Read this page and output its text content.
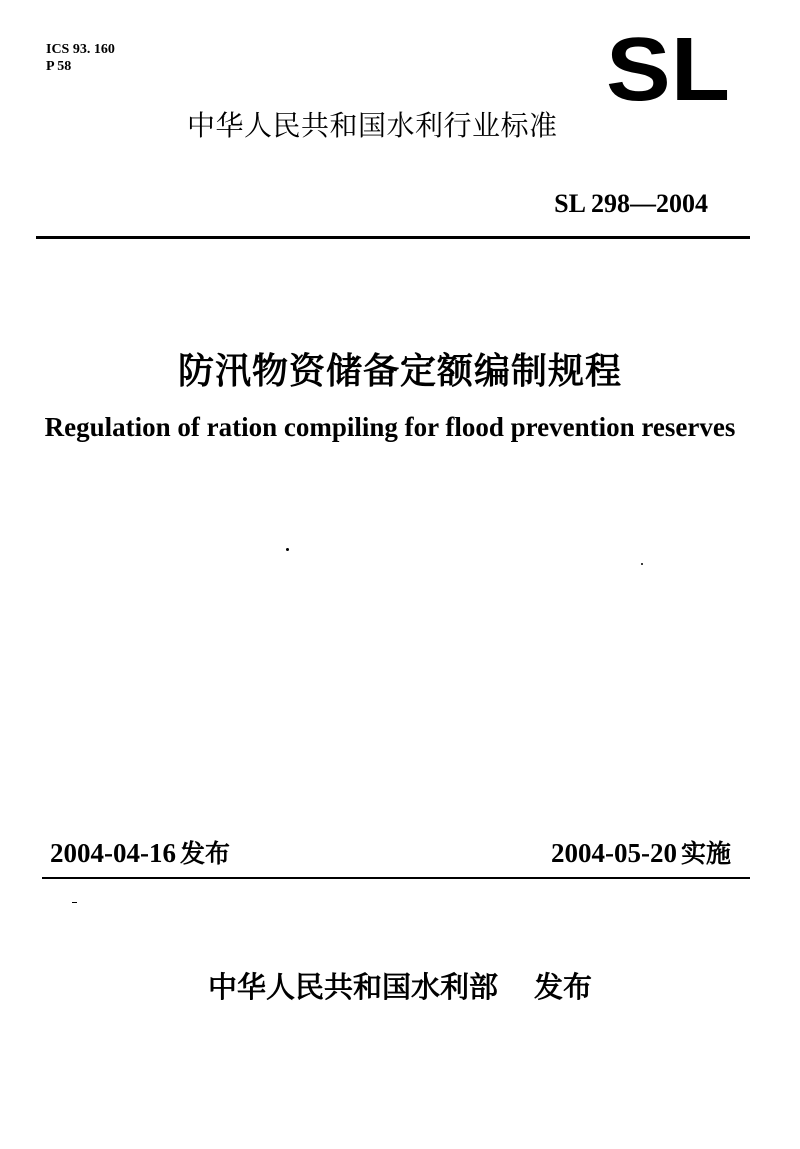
ICS 93. 160
P 58	SL
中华人民共和国水利行业标准
SL 298—2004
防汛物资储备定额编制规程
Regulation of ration compiling for flood prevention reserves
2004-04-16 发布	2004-05-20 实施
中华人民共和国水利部 发布
